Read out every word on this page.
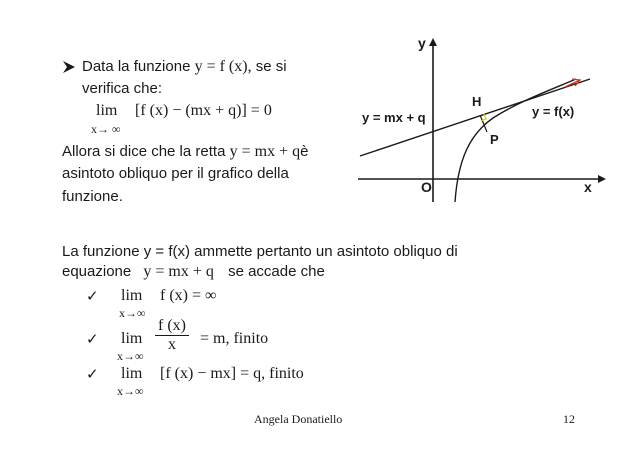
Data la funzione y = f (x), se si
verifica che:
lim [f (x) − (mx + q)] = 0
x→ ∞
Allora si dice che la retta y = mx + qè
asintoto obliquo per il grafico della
funzione.
y
x
O
y = mx + q	y = f(x)
H
P
La funzione y = f(x) ammette pertanto un asintoto obliquo di
equazione y = mx + q se accade che
✓ lim f (x) = ∞
x→∞
✓ $\lim \frac{f (x)}{x} = m$, finito
x→∞
✓ lim [f (x) − mx] = q, finito
x→∞
Angela Donatiello	12
